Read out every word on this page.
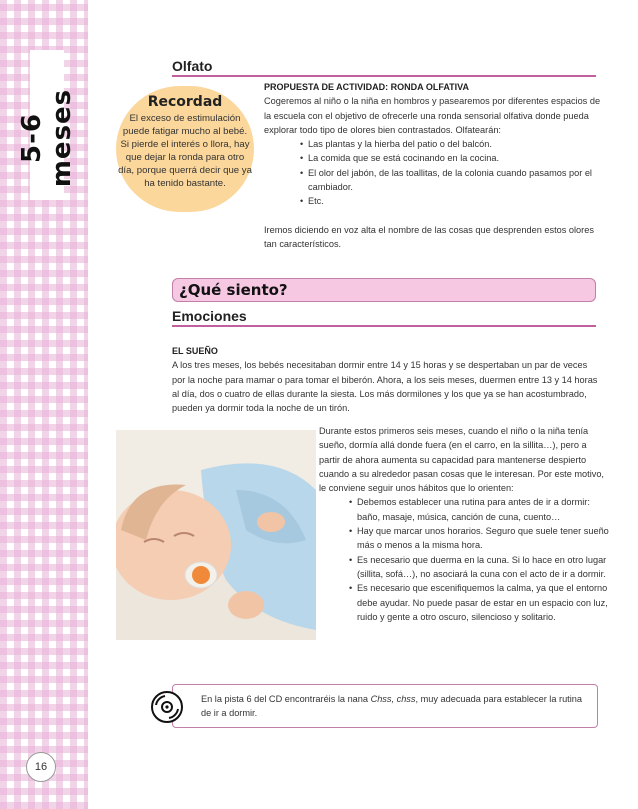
5-6 meses
16
Olfato
Recordad
El exceso de estimulación puede fatigar mucho al bebé. Si pierde el interés o llora, hay que dejar la ronda para otro día, porque querrá decir que ya ha tenido bastante.
PROPUESTA DE ACTIVIDAD: RONDA OLFATIVA
Cogeremos al niño o la niña en hombros y pasearemos por diferentes espacios de la escuela con el objetivo de ofrecerle una ronda sensorial olfativa donde pueda explorar todo tipo de olores bien contrastados. Olfatearán:
• Las plantas y la hierba del patio o del balcón.
• La comida que se está cocinando en la cocina.
• El olor del jabón, de las toallitas, de la colonia cuando pasamos por el cambiador.
• Etc.
Iremos diciendo en voz alta el nombre de las cosas que desprenden estos olores tan característicos.
¿Qué siento?
Emociones
EL SUEÑO
A los tres meses, los bebés necesitaban dormir entre 14 y 15 horas y se despertaban un par de veces por la noche para mamar o para tomar el biberón. Ahora, a los seis meses, duermen entre 13 y 14 horas al día, dos o cuatro de ellas durante la siesta. Los más dormilones y los que ya se han acostumbrado, pueden ya dormir toda la noche de un tirón.
Durante estos primeros seis meses, cuando el niño o la niña tenía sueño, dormía allá donde fuera (en el carro, en la sillita…), pero a partir de ahora aumenta su capacidad para mantenerse despierto cuando a su alrededor pasan cosas que le interesan. Por este motivo, le conviene seguir unos hábitos que lo orienten:
• Debemos establecer una rutina para antes de ir a dormir: baño, masaje, música, canción de cuna, cuento…
• Hay que marcar unos horarios. Seguro que suele tener sueño más o menos a la misma hora.
• Es necesario que duerma en la cuna. Si lo hace en otro lugar (sillita, sofá…), no asociará la cuna con el acto de ir a dormir.
• Es necesario que escenifiquemos la calma, ya que el entorno debe ayudar. No puede pasar de estar en un espacio con luz, ruido y gente a otro oscuro, silencioso y solitario.
En la pista 6 del CD encontraréis la nana Chss, chss, muy adecuada para establecer la rutina de ir a dormir.
